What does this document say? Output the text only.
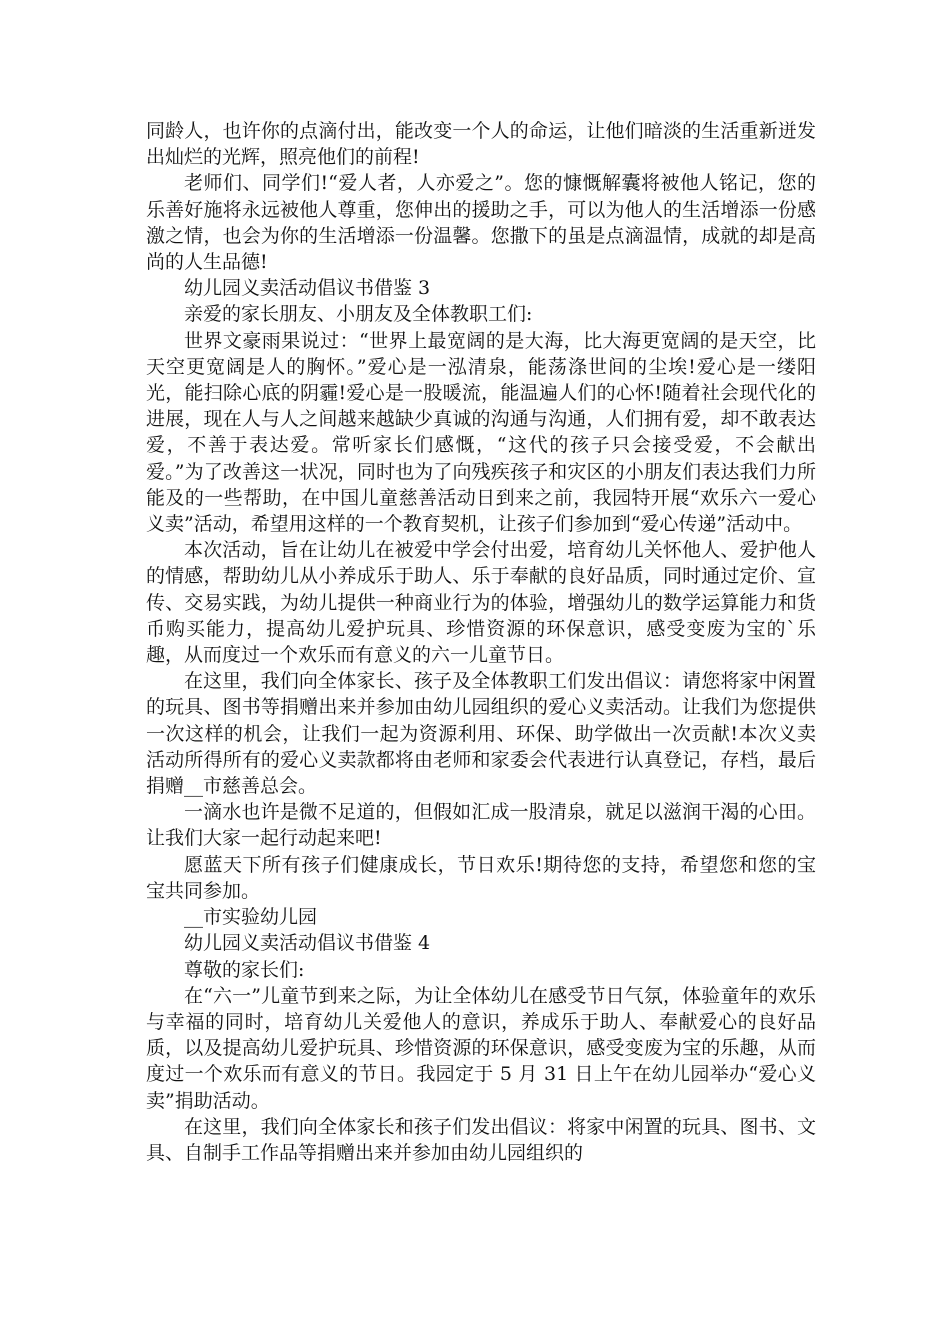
同龄人，也许你的点滴付出，能改变一个人的命运，让他们暗淡的生活重新迸发出灿烂的光辉，照亮他们的前程!

老师们、同学们!“爱人者，人亦爱之”。您的慷慨解囊将被他人铭记，您的乐善好施将永远被他人尊重，您伸出的援助之手，可以为他人的生活增添一份感激之情，也会为你的生活增添一份温馨。您撒下的虽是点滴温情，成就的却是高尚的人生品德!

幼儿园义卖活动倡议书借鉴 3

亲爱的家长朋友、小朋友及全体教职工们:

世界文豪雨果说过：“世界上最宽阔的是大海，比大海更宽阔的是天空，比天空更宽阔是人的胸怀。”爱心是一泓清泉，能荡涤世间的尘埃!爱心是一缕阳光，能扫除心底的阴霾!爱心是一股暖流，能温遍人们的心怀!随着社会现代化的进展，现在人与人之间越来越缺少真诚的沟通与沟通，人们拥有爱，却不敢表达爱，不善于表达爱。常听家长们感慨，“这代的孩子只会接受爱，不会献出爱。”为了改善这一状况，同时也为了向残疾孩子和灾区的小朋友们表达我们力所能及的一些帮助，在中国儿童慈善活动日到来之前，我园特开展“欢乐六一爱心义卖”活动，希望用这样的一个教育契机，让孩子们参加到“爱心传递”活动中。

本次活动，旨在让幼儿在被爱中学会付出爱，培育幼儿关怀他人、爱护他人的情感，帮助幼儿从小养成乐于助人、乐于奉献的良好品质，同时通过定价、宣传、交易实践，为幼儿提供一种商业行为的体验，增强幼儿的数学运算能力和货币购买能力，提高幼儿爱护玩具、珍惜资源的环保意识，感受变废为宝的`乐趣，从而度过一个欢乐而有意义的六一儿童节日。

在这里，我们向全体家长、孩子及全体教职工们发出倡议：请您将家中闲置的玩具、图书等捐赠出来并参加由幼儿园组织的爱心义卖活动。让我们为您提供一次这样的机会，让我们一起为资源利用、环保、助学做出一次贡献!本次义卖活动所得所有的爱心义卖款都将由老师和家委会代表进行认真登记，存档，最后捐赠__市慈善总会。

一滴水也许是微不足道的，但假如汇成一股清泉，就足以滋润干渴的心田。让我们大家一起行动起来吧!

愿蓝天下所有孩子们健康成长，节日欢乐!期待您的支持，希望您和您的宝宝共同参加。

__市实验幼儿园

幼儿园义卖活动倡议书借鉴 4

尊敬的家长们:

在“六一”儿童节到来之际，为让全体幼儿在感受节日气氛，体验童年的欢乐与幸福的同时，培育幼儿关爱他人的意识，养成乐于助人、奉献爱心的良好品质，以及提高幼儿爱护玩具、珍惜资源的环保意识，感受变废为宝的乐趣，从而度过一个欢乐而有意义的节日。我园定于 5 月 31 日上午在幼儿园举办“爱心义卖”捐助活动。

在这里，我们向全体家长和孩子们发出倡议：将家中闲置的玩具、图书、文具、自制手工作品等捐赠出来并参加由幼儿园组织的
